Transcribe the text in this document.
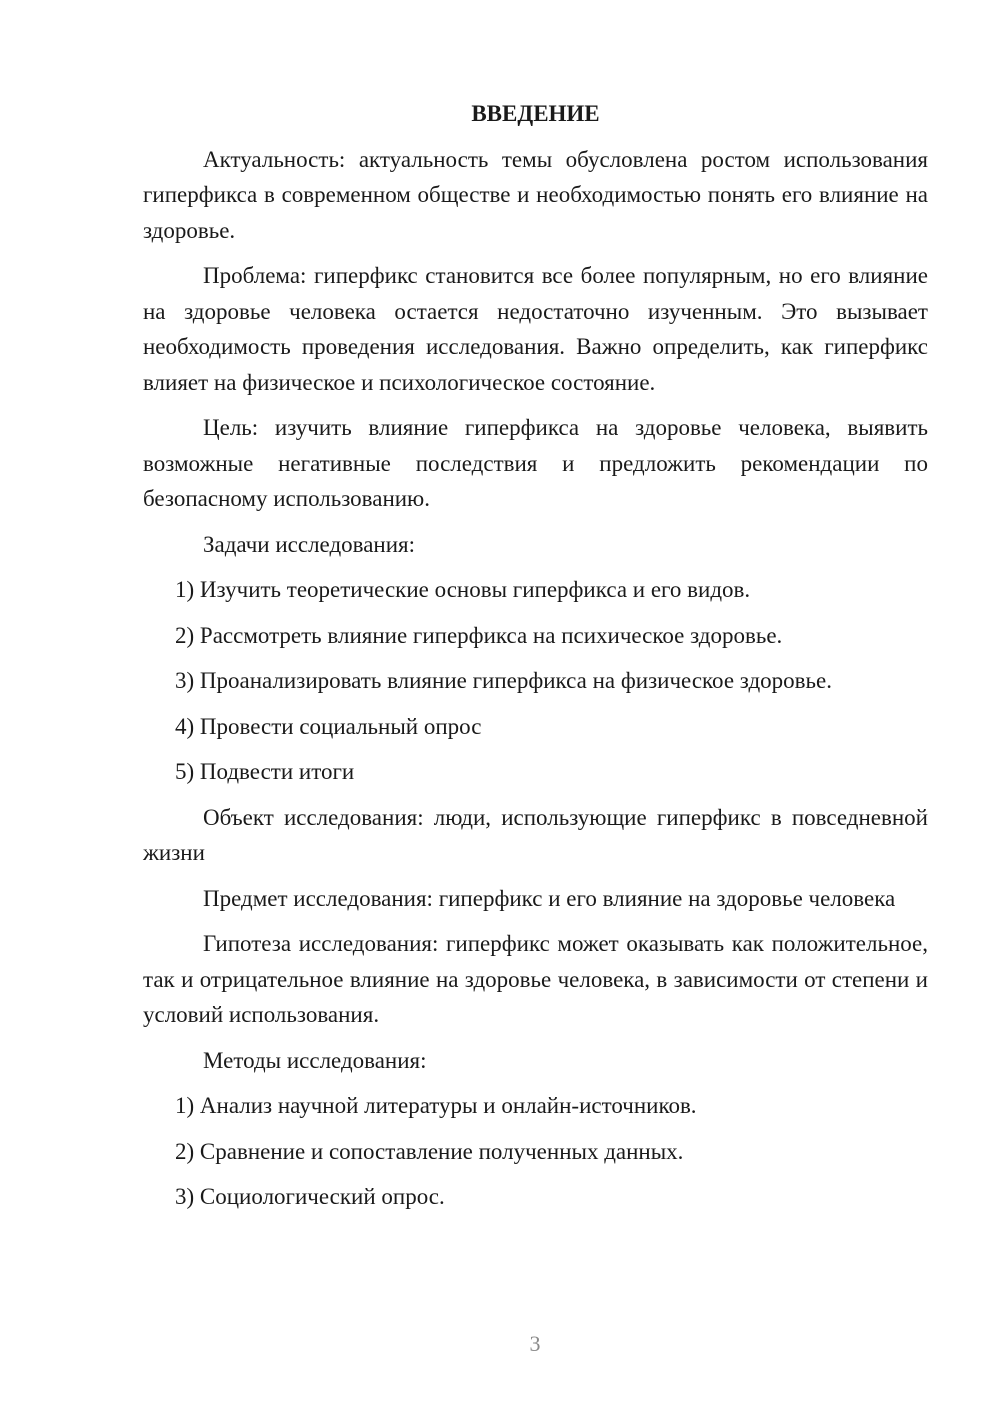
ВВЕДЕНИЕ

Актуальность: актуальность темы обусловлена ростом использования гиперфикса в современном обществе и необходимостью понять его влияние на здоровье.

Проблема: гиперфикс становится все более популярным, но его влияние на здоровье человека остается недостаточно изученным. Это вызывает необходимость проведения исследования. Важно определить, как гиперфикс влияет на физическое и психологическое состояние.

Цель: изучить влияние гиперфикса на здоровье человека, выявить возможные негативные последствия и предложить рекомендации по безопасному использованию.

Задачи исследования:

1) Изучить теоретические основы гиперфикса и его видов.
2) Рассмотреть влияние гиперфикса на психическое здоровье.
3) Проанализировать влияние гиперфикса на физическое здоровье.
4) Провести социальный опрос
5) Подвести итоги

Объект исследования: люди, использующие гиперфикс в повседневной жизни

Предмет исследования: гиперфикс и его влияние на здоровье человека

Гипотеза исследования: гиперфикс может оказывать как положительное, так и отрицательное влияние на здоровье человека, в зависимости от степени и условий использования.

Методы исследования:

1) Анализ научной литературы и онлайн-источников.
2) Сравнение и сопоставление полученных данных.
3) Социологический опрос.
3
